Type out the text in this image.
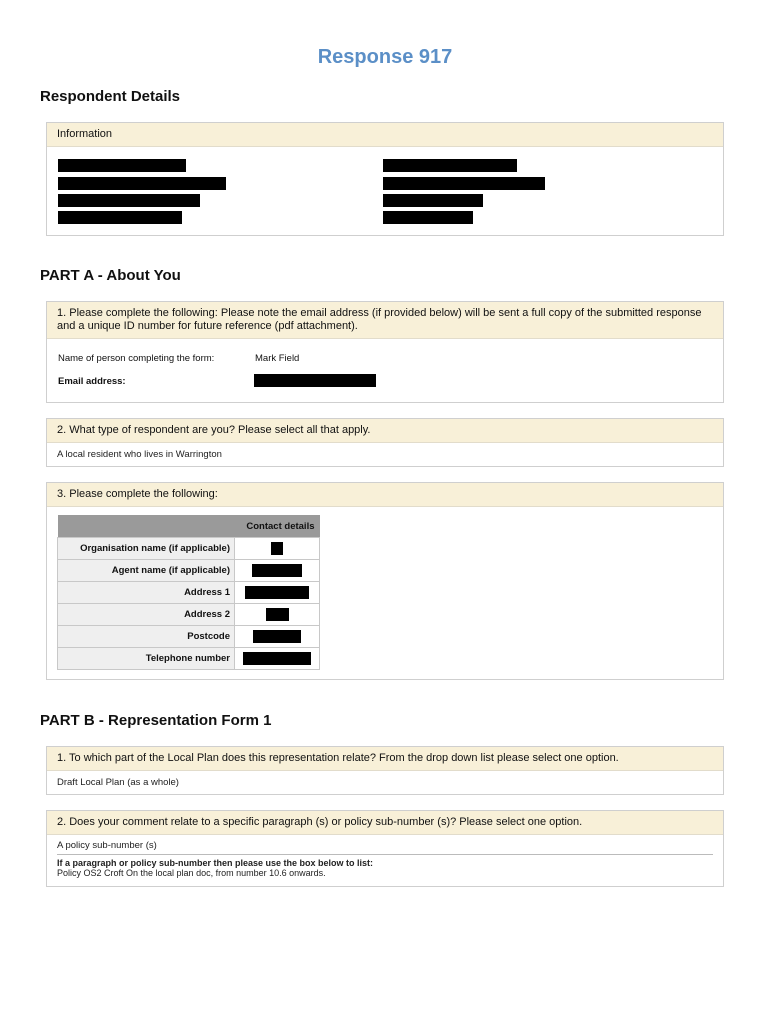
Response 917
Respondent Details
Information
PART A - About You
1. Please complete the following: Please note the email address (if provided below) will be sent a full copy of the submitted response and a unique ID number for future reference (pdf attachment).
Name of person completing the form:	Mark Field
Email address:
2. What type of respondent are you? Please select all that apply.
A local resident who lives in Warrington
3. Please complete the following:
Contact details	
Organisation name (if applicable)	
Agent name (if applicable)	
Address 1	
Address 2	
Postcode	
Telephone number	
PART B - Representation Form 1
1. To which part of the Local Plan does this representation relate? From the drop down list please select one option.
Draft Local Plan (as a whole)
2. Does your comment relate to a specific paragraph (s) or policy sub-number (s)? Please select one option.
A policy sub-number (s)
If a paragraph or policy sub-number then please use the box below to list:
Policy OS2 Croft On the local plan doc, from number 10.6 onwards.
